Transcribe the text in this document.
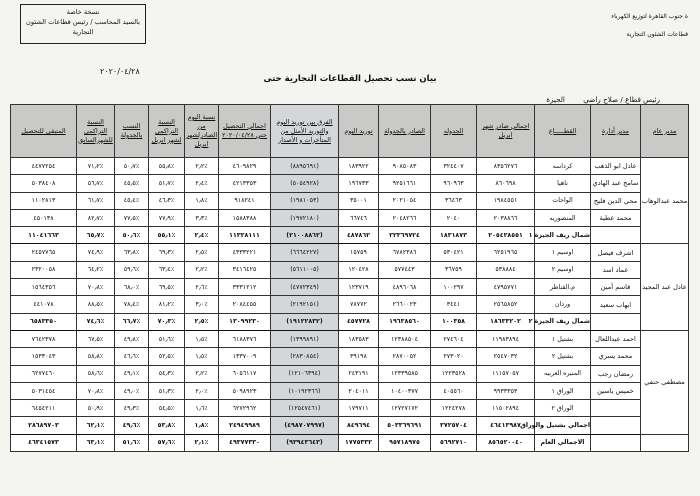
نسخة خاصة
بالسيد المحاسب / رئيس قطاعات الشئون
التجارية
ة جنوب القاهرة لتوزيع الكهرباء
قطاعات الشئون التجارية
٢٠٢٠/٠٤/٢٨
بيان نسب تحصيل القطاعات التجارية حتى
رئيس قطاع / صلاح راضي الجيزة
مدير عام	مدير أدارة	القطـــــاع	اجمالي صادر شهر ابريل	الجدوله	الصادر بالجدولة	توريد اليوم	الفرق بين توريد اليوم والتوريد الأمثل من المتأخرات و الأصدار	اجمالي التحصيل حتي ٢٠٢٠/٠٤/٢٨	نسبة اليوم من الصادرلشهر ابريل	النسبة التراكمي لشهر ابريل	النسب بالجدولة	النسبة التراكمي للشهرالسابق	المتبقي للتحصيل
محمد عبدالوهاب	عادل ابو الذهب	كرداسه	٨٣٥٦٢٧٦	٣٢٤٤٠٧	٩٠٨٥٠٨٣	١٨٣٩٢٢	(٨٨٩٥٦٩١)	٤٦٠٩٨٢٩	٪٢٫٢	٪٥٥٫٨	٪٥٠٫٧	٪٧١٫٢	٤٤٧٧٢٥٤
	سامح عبد الهادي	ناهيا	٨٦٠٦٩٨	٩٦٠٩٦٣	٩٢٥١٦٦١	١٩٦٧٣٣	(٥٠٥٤٩٢٨)	٤٢١٣٣٥٣	٪٢٫٤	٪٥١٫٧	٪٤٥٫٥	٪٥٦٫٧	٥٠٣٨٤٠٨
	محي الدين فليح	الواحات	١٩٨٤٥٥١	٣٦٤٦٣	٢٠٢١٠٥٤	٣٥٠٠١	(١٩٨١٠٥٣)	٩١٨٢٤١	٪١٫٨	٪٤٦٫٣	٪٤٥٫٤	٪٦١٫٧	١١٠٢٨١٣
	محمد عطية	المنصوريه	٢٠٣٨٨٦٦	٢٠٤٠	٢٠٤٨٢٦٦	٦٦٧٤٦	(١٩٧٢١٨٠)	١٥٨٨٣٨٨	٪٣٫٣	٪٧٧٫٩	٪٧٧٫٥	٪٨٢٫٧	٤٥٠١٣٨
		شمال ريف الجيزة ١	٢٠٥٤٢٨٥٥١	١٨٣١٨٧٣	٢٢٣٦٩٧٢٤	٤٨٧٨٦٢	(٢١٠٠٨٨٦٢)	١١٣٢٨١١١	٪٢٫٤	٪٥٥٫١	٪٥٠٫٦	٪٦٥٫٧	١١٠٤١٦٦٣
عادل عبد المجيد	اشرف فيصل	اوسيم ١	٦٢٥١٩٦٥	٥٣٠٤٢١	٦٧٨٢٣٨٦	١٥٧٥٩	(٦٦٦٤٢٢٧)	٤٣٣٣٢٢١	٪٢٫٥	٪٦٩٫٣	٪٦٣٫٨	٪٧٤٫٩	٢٤٥٧٧٦٥
	عماد اسد	اوسيم ٢	٥٣٨٨٨٤	٣٦٧٥٩	٥٧٧٤٤٣	١٢٠٤٢٨	(٥٦١١٠٠٥)	٣٤١٦٤٢٥	٪٢٫٢	٪٦٣٫٤	٪٥٩٫٦	٪٦٤٫٢	٢٣٢٠٠٥٨
	قاسم أمين	م.القناطر	٤٧٩٥٧٧١	١٠٠٢٩٧	٤٨٩٦٠٦٨	١٢٣٧١٩	(٤٧٧٢٣٤٩)	٣٣٣١٢١٢	٪٢٫٦	٪٦٩٫٥	٪٦٨٫٠	٪٧٠٫٨	١٥٦٤٣٥٦
	ايهاب سعيد	وردان	٢٥٦٥٨٥٢	٣٤٤١	٢٦٦٠٠٢٣	٧٨٧٧٢	(٢١٩٢١٥١)	٢٠٨٤٤٥٥	٪٣٫٠	٪٨١٫٢	٪٧٨٫٤	٪٨٨٫٥	٤٤١٠٧٨
		شمال ريف الجيزة ٢	١٨٦٣٣٢٠٢	١٠٠٣٥٨	١٩٦٣٨٥٦٠	٤٥٧٧٢٨	(١٩١٢٢٨٣٢)	١٣٠٩٩٢٣٠	٪٢٫٥	٪٧٠٫٣	٪٦٦٫٧	٪٧٤٫٦	٦٥٨٣٣٥٠
مصطفى حنفي	احمد عبداللعال	بشتيل ١	١١٩٨٣٨٩٤	٢٧٤٦٠٤	١٢٣٨٨٥٠٤	١٨٣٥٨٣	(١٣٩٩٨٩١)	٦١٨٨٣٧٦	٪١٫٥	٪٥١٫٦	٪٤٩٫٨	٪٦٧٫٥	٧٦٤٢٣٧٨
	محمد يسري	بشتيل ٢	٢٥٤٧٠٣٢	٢٧٣٠٢٠	٢٨٧٠٠٥٢	٣٩١٩٨	(٢٨٣٠٨٥٤)	١٣٣٧٠٠٩	٪١٫٥	٪٥٢٫٥	٪٤٦٫٦	٪٥٨٫٨	١٥٣٣٠٤٣
	رمضان رجب	المنيره الغربيه	١١١٥٧٠٥٧	١٢٢٣٥٢٨	١٢٣٣٩٥٨٥	٢٤٣١٩١	(١٢١٠٦٣٩٤)	٦٠٥٦١١٧	٪٢٫٢	٪٥٤٫٣	٪٤٩٫١	٪٥٨٫٦	٦٢٧٧٤٦٠
	خميس ياسين	الوراق ١	٩٩٣٣٣٥٣	٤٠٥٥٦٠	١٠٤٠٠٣٧٧	٢٠٤٠١١	(١٠١٩٢٣٦٦)	٥٠٩٨٩٢٣	٪٢٫٠	٪٥١٫٣	٪٤٩٫٠	٪٧٠٫٨	٥٠٣١٤٥٤
		الوراق ٢	١١٥٠٢٨٩٤	١٢٢٤٢٧٨	١٢٧٢٧١٧٢	١٧٩٧١١	(١٢٥٤٧٤٦١)	٦٢٧٢٩٦٢	٪١٫٦	٪٥٤٫٥	٪٤٩٫٣	٪٥٠٫٩	٦٤٥٤٢١١
		اجمالي بشتيل والوراق	٤٦٤١٣٩٨٧	٣٧٢٥٧٠٤	٥٠٣٣٦٩٦٩١	٨٤٩٦٩٤	(٤٩٨٧٠٧٩٩٧)	٢٤٩٤٩٩٨٩	٪١٫٨	٪٥٣٫٨	٪٤٩٫٦	٪٦٢٫١	٢٨٦٨٩٧٠٣
		الاجمالي العام	٨٥٦٥٢٠٠٤٠	٥٦٩٢٧١٠	٩٥٧١٨٩٧٥	١٧٧٥٣٣٢	(٩٣٩٤٣٦٤٣)	٤٩٣٧٧٣٣٠	٪٢٫١	٪٥٧٫٦	٪٥١٫٦	٪٦٣٫١	٤٦٣٤١٥٧٣
